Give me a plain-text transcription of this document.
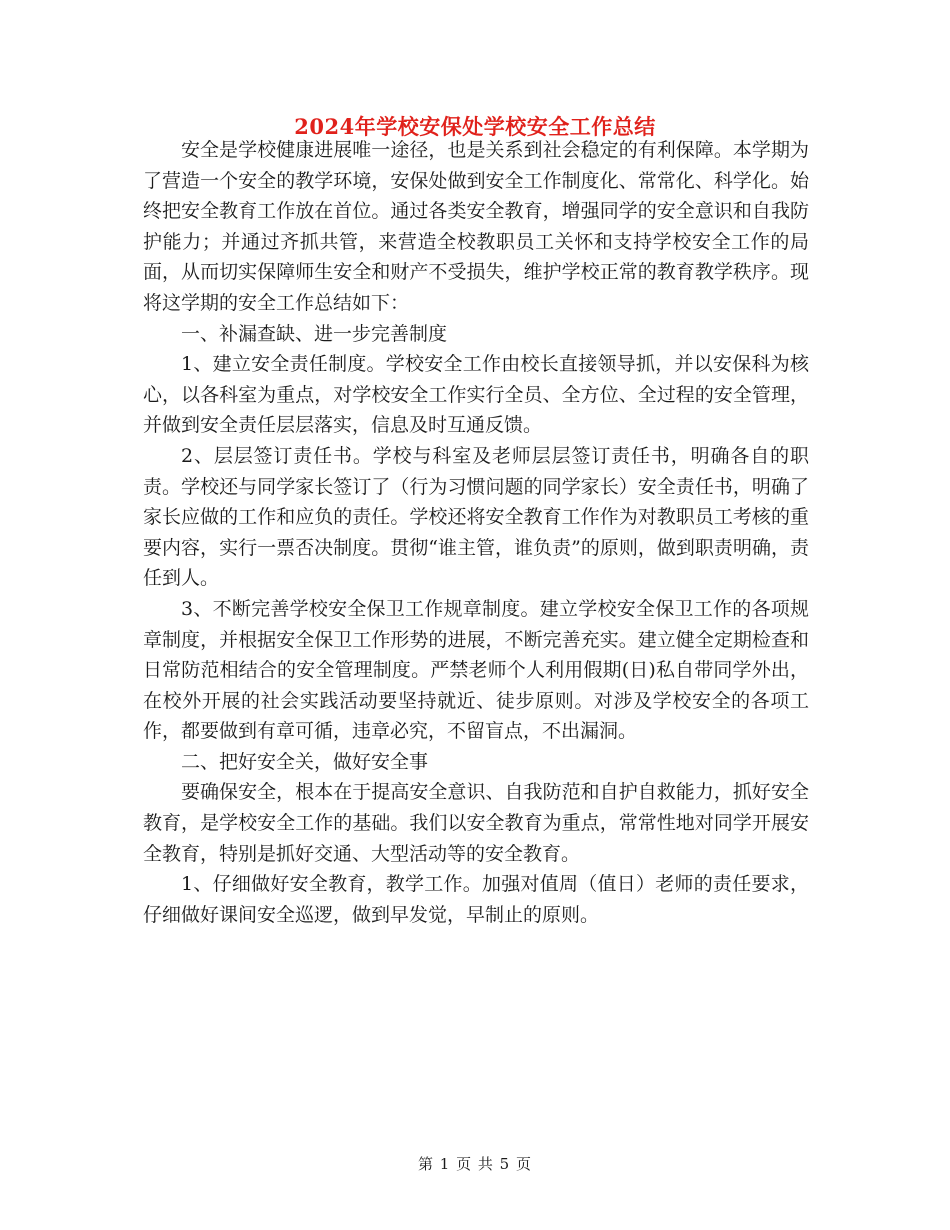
2024年学校安保处学校安全工作总结

安全是学校健康进展唯一途径，也是关系到社会稳定的有利保障。本学期为了营造一个安全的教学环境，安保处做到安全工作制度化、常常化、科学化。始终把安全教育工作放在首位。通过各类安全教育，增强同学的安全意识和自我防护能力；并通过齐抓共管，来营造全校教职员工关怀和支持学校安全工作的局面，从而切实保障师生安全和财产不受损失，维护学校正常的教育教学秩序。现将这学期的安全工作总结如下：

一、补漏查缺、进一步完善制度

1、建立安全责任制度。学校安全工作由校长直接领导抓，并以安保科为核心，以各科室为重点，对学校安全工作实行全员、全方位、全过程的安全管理，并做到安全责任层层落实，信息及时互通反馈。

2、层层签订责任书。学校与科室及老师层层签订责任书，明确各自的职责。学校还与同学家长签订了（行为习惯问题的同学家长）安全责任书，明确了家长应做的工作和应负的责任。学校还将安全教育工作作为对教职员工考核的重要内容，实行一票否决制度。贯彻“谁主管，谁负责”的原则，做到职责明确，责任到人。

3、不断完善学校安全保卫工作规章制度。建立学校安全保卫工作的各项规章制度，并根据安全保卫工作形势的进展，不断完善充实。建立健全定期检查和日常防范相结合的安全管理制度。严禁老师个人利用假期(日)私自带同学外出，在校外开展的社会实践活动要坚持就近、徒步原则。对涉及学校安全的各项工作，都要做到有章可循，违章必究，不留盲点，不出漏洞。

二、把好安全关，做好安全事

要确保安全，根本在于提高安全意识、自我防范和自护自救能力，抓好安全教育，是学校安全工作的基础。我们以安全教育为重点，常常性地对同学开展安全教育，特别是抓好交通、大型活动等的安全教育。

1、仔细做好安全教育，教学工作。加强对值周（值日）老师的责任要求，仔细做好课间安全巡逻，做到早发觉，早制止的原则。

第 1 页 共 5 页
